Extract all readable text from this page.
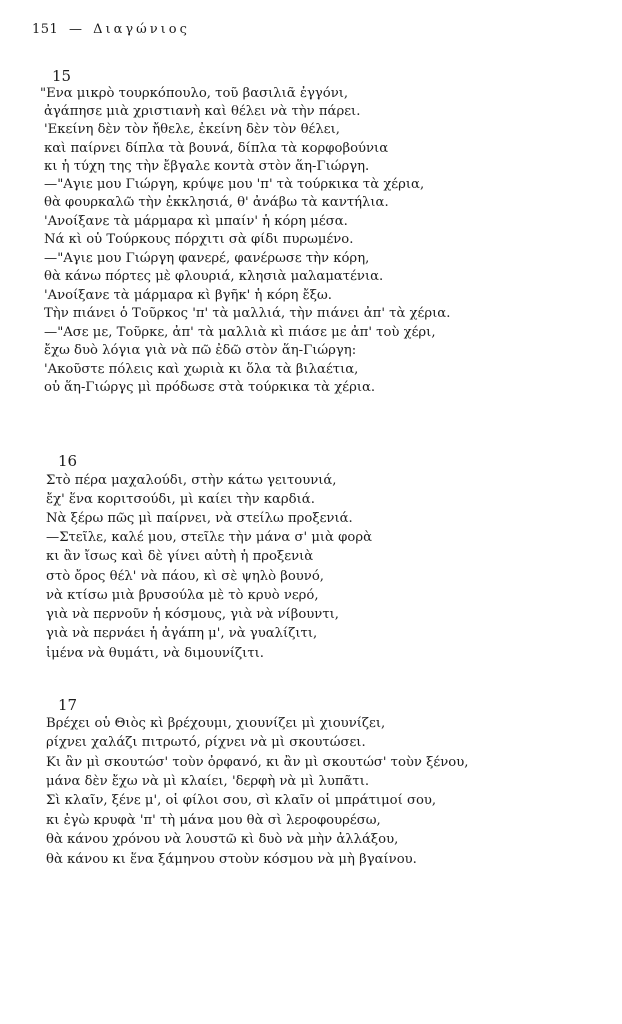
151 — Διαγώνιος
15
"Ενα μικρὸ τουρκόπουλο, τοῦ βασιλιᾶ ἐγγόνι,
ἀγάπησε μιὰ χριστιανὴ καὶ θέλει νὰ τὴν πάρει.
'Εκείνη δὲν τὸν ἤθελε, ἐκείνη δὲν τὸν θέλει,
καὶ παίρνει δίπλα τὰ βουνά, δίπλα τὰ κορφοβούνια
κι ἡ τύχη της τὴν ἔβγαλε κοντὰ στὸν ἅη-Γιώργη.
—"Αγιε μου Γιώργη, κρύψε μου 'π' τὰ τούρκικα τὰ χέρια,
θὰ φουρκαλῶ τὴν ἐκκλησιά, θ' ἀνάβω τὰ καντήλια.
'Ανοίξανε τὰ μάρμαρα κὶ μπαίν' ἡ κόρη μέσα.
Νά κὶ οὑ Τούρκους πόρχιτι σὰ φίδι πυρωμένο.
—"Αγιε μου Γιώργη φανερέ, φανέρωσε τὴν κόρη,
θὰ κάνω πόρτες μὲ φλουριά, κλησιὰ μαλαματένια.
'Ανοίξανε τὰ μάρμαρα κὶ βγῆκ' ἡ κόρη ἔξω.
Τὴν πιάνει ὁ Τοῦρκος 'π' τὰ μαλλιά, τὴν πιάνει ἀπ' τὰ χέρια.
—"Ασε με, Τοῦρκε, ἀπ' τὰ μαλλιὰ κὶ πιάσε με ἀπ' τοὺ χέρι,
ἔχω δυὸ λόγια γιὰ νὰ πῶ ἐδῶ στὸν ἅη-Γιώργη:
'Ακοῦστε πόλεις καὶ χωριὰ κι ὅλα τὰ βιλαέτια,
οὑ ἅη-Γιώργς μὶ πρόδωσε στὰ τούρκικα τὰ χέρια.
16
Στὸ πέρα μαχαλούδι, στὴν κάτω γειτουνιά,
ἔχ' ἕνα κοριτσούδι, μὶ καίει τὴν καρδιά.
Νὰ ξέρω πῶς μὶ παίρνει, νὰ στείλω προξενιά.
—Στεῖλε, καλέ μου, στεῖλε τὴν μάνα σ' μιὰ φορὰ
κι ἂν ἴσως καὶ δὲ γίνει αὐτὴ ἡ προξενιὰ
στὸ ὄρος θέλ' νὰ πάου, κὶ σὲ ψηλὸ βουνό,
νὰ κτίσω μιὰ βρυσούλα μὲ τὸ κρυὸ νερό,
γιὰ νὰ περνοῦν ἡ κόσμους, γιὰ νὰ νίβουντι,
γιὰ νὰ περνάει ἡ ἀγάπη μ', νὰ γυαλίζιτι,
ἱμένα νὰ θυμάτι, νὰ διμουνίζιτι.
17
Βρέχει οὑ Θιὸς κὶ βρέχουμι, χιουνίζει μὶ χιουνίζει,
ρίχνει χαλάζι πιτρωτό, ρίχνει νὰ μὶ σκουτώσει.
Κι ἂν μὶ σκουτώσ' τοὺν ὀρφανό, κι ἂν μὶ σκουτώσ' τοὺν ξένου,
μάνα δὲν ἔχω νὰ μὶ κλαίει, 'δερφὴ νὰ μὶ λυπᾶτι.
Σὶ κλαῖν, ξένε μ', οἱ φίλοι σου, σὶ κλαῖν οἱ μπράτιμοί σου,
κι ἐγὼ κρυφὰ 'π' τὴ μάνα μου θὰ σὶ λεροφουρέσω,
θὰ κάνου χρόνου νὰ λουστῶ κὶ δυὸ νὰ μὴν ἀλλάξου,
θὰ κάνου κι ἕνα ξάμηνου στοὺν κόσμου νὰ μὴ βγαίνου.
